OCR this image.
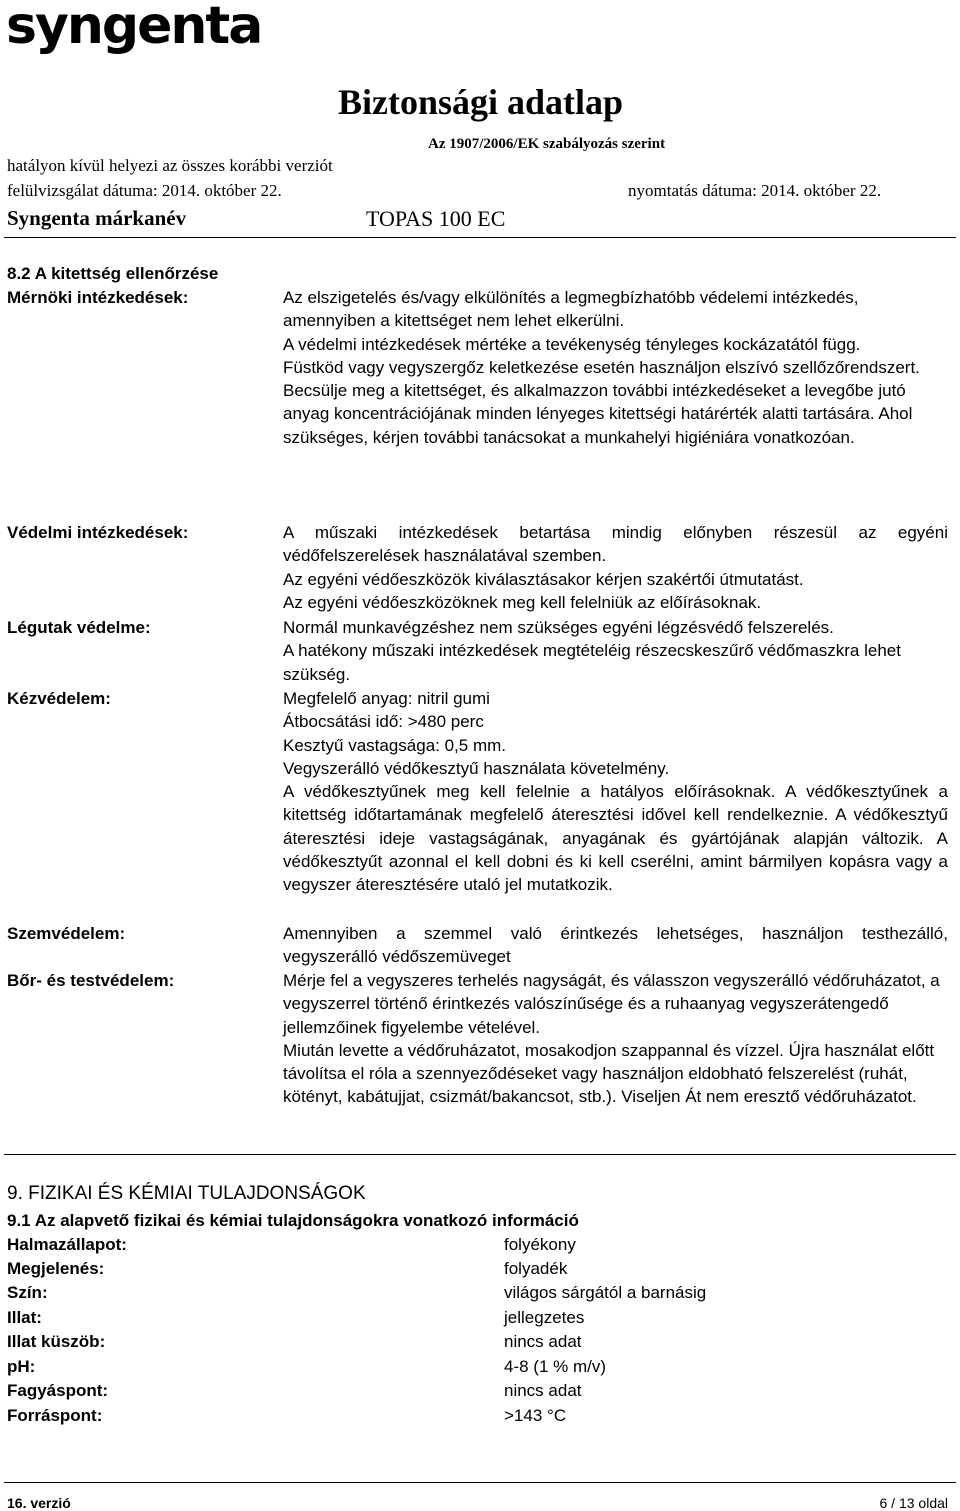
syngenta
Biztonsági adatlap
Az 1907/2006/EK szabályozás szerint
hatályon kívül helyezi az összes korábbi verziót
felülvizsgálat dátuma: 2014. október 22.	nyomtatás dátuma: 2014. október 22.
Syngenta márkanév	TOPAS 100 EC
8.2 A kitettség ellenőrzése
Mérnöki intézkedések:	Az elszigetelés és/vagy elkülönítés a legmegbízhatóbb védelemi intézkedés, amennyiben a kitettséget nem lehet elkerülni.

A védelmi intézkedések mértéke a tevékenység tényleges kockázatától függ.

Füstköd vagy vegyszergőz keletkezése esetén használjon elszívó szellőzőrendszert.

Becsülje meg a kitettséget, és alkalmazzon további intézkedéseket a levegőbe jutó anyag koncentrációjának minden lényeges kitettségi határérték alatti tartására. Ahol szükséges, kérjen további tanácsokat a munkahelyi higiéniára vonatkozóan.

Védelmi intézkedések:	A műszaki intézkedések betartása mindig előnyben részesül az egyéni védőfelszerelések használatával szemben.

Az egyéni védőeszközök kiválasztásakor kérjen szakértői útmutatást.

Az egyéni védőeszközöknek meg kell felelniük az előírásoknak.

Légutak védelme:	Normál munkavégzéshez nem szükséges egyéni légzésvédő felszerelés.

A hatékony műszaki intézkedések megtételéig részecskeszűrő védőmaszkra lehet szükség.

Kézvédelem:	Megfelelő anyag: nitril gumi

Átbocsátási idő: >480 perc

Kesztyű vastagsága: 0,5 mm.

Vegyszerálló védőkesztyű használata követelmény.

A védőkesztyűnek meg kell felelnie a hatályos előírásoknak. A védőkesztyűnek a kitettség időtartamának megfelelő áteresztési idővel kell rendelkeznie. A védőkesztyű áteresztési ideje vastagságának, anyagának és gyártójának alapján változik. A védőkesztyűt azonnal el kell dobni és ki kell cserélni, amint bármilyen kopásra vagy a vegyszer áteresztésére utaló jel mutatkozik.

Szemvédelem:	Amennyiben a szemmel való érintkezés lehetséges, használjon testhezálló, vegyszerálló védőszemüveget

Bőr- és testvédelem:	Mérje fel a vegyszeres terhelés nagyságát, és válasszon vegyszerálló védőruházatot, a vegyszerrel történő érintkezés valószínűsége és a ruhaanyag vegyszerátengedő jellemzőinek figyelembe vételével.

Miután levette a védőruházatot, mosakodjon szappannal és vízzel. Újra használat előtt távolítsa el róla a szennyeződéseket vagy használjon eldobható felszerelést (ruhát, kötényt, kabátujjat, csizmát/bakancsot, stb.). Viseljen Át nem eresztő védőruházatot.

9. FIZIKAI ÉS KÉMIAI TULAJDONSÁGOK
9.1 Az alapvető fizikai és kémiai tulajdonságokra vonatkozó információ
Halmazállapot:	folyékony
Megjelenés:	folyadék
Szín:	világos sárgától a barnásig
Illat:	jellegzetes
Illat küszöb:	nincs adat
pH:	4-8 (1 % m/v)
Fagyáspont:	nincs adat
Forráspont:	>143 °C
16. verzió	6 / 13 oldal
